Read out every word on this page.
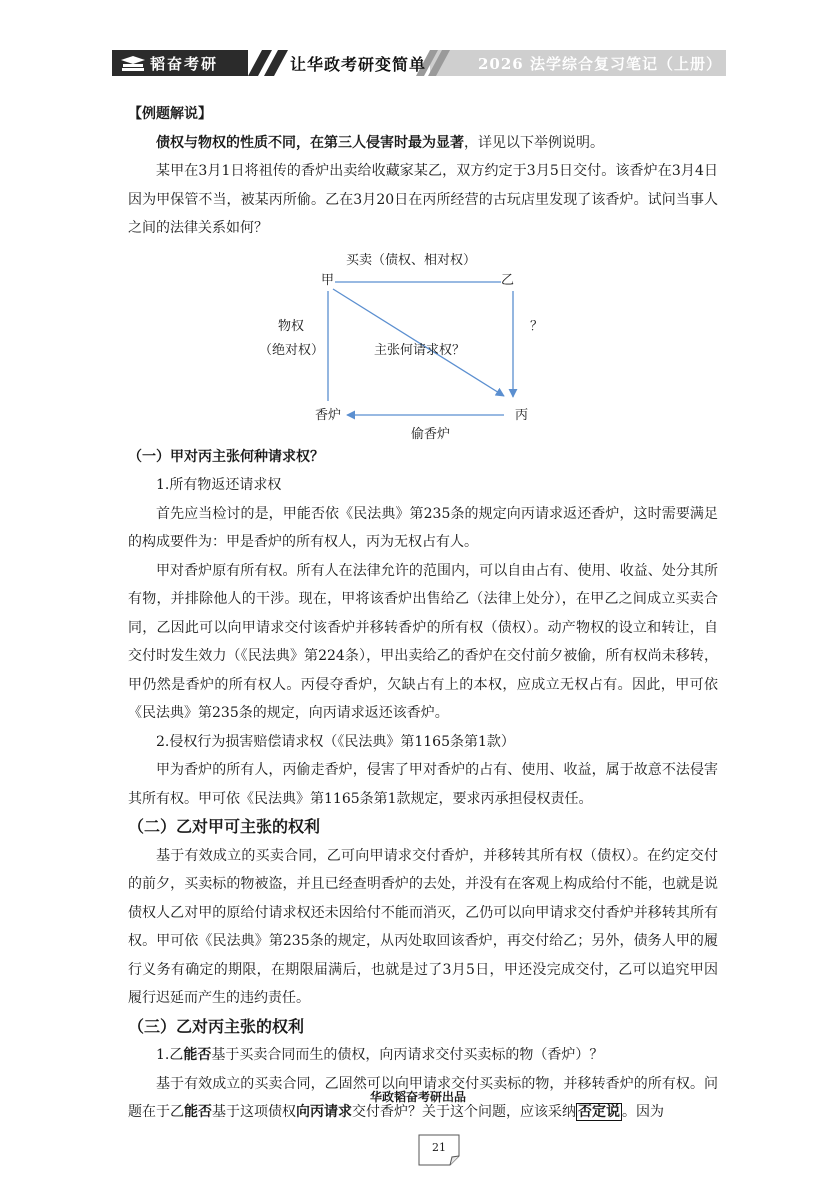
韬奋考研	让华政考研变简单	2026 法学综合复习笔记（上册）

【例题解说】

债权与物权的性质不同，在第三人侵害时最为显著，详见以下举例说明。

某甲在3月1日将祖传的香炉出卖给收藏家某乙，双方约定于3月5日交付。该香炉在3月4日因为甲保管不当，被某丙所偷。乙在3月20日在丙所经营的古玩店里发现了该香炉。试问当事人之间的法律关系如何？

买卖（债权、相对权）
甲	乙
物权
（绝对权）	主张何请求权？
？
香炉	丙
偷香炉

（一）甲对丙主张何种请求权？

1.所有物返还请求权

首先应当检讨的是，甲能否依《民法典》第235条的规定向丙请求返还香炉，这时需要满足的构成要件为：甲是香炉的所有权人，丙为无权占有人。

甲对香炉原有所有权。所有人在法律允许的范围内，可以自由占有、使用、收益、处分其所有物，并排除他人的干涉。现在，甲将该香炉出售给乙（法律上处分），在甲乙之间成立买卖合同，乙因此可以向甲请求交付该香炉并移转香炉的所有权（债权）。动产物权的设立和转让，自交付时发生效力（《民法典》第224条），甲出卖给乙的香炉在交付前夕被偷，所有权尚未移转，甲仍然是香炉的所有权人。丙侵夺香炉，欠缺占有上的本权，应成立无权占有。因此，甲可依《民法典》第235条的规定，向丙请求返还该香炉。

2.侵权行为损害赔偿请求权（《民法典》第1165条第1款）

甲为香炉的所有人，丙偷走香炉，侵害了甲对香炉的占有、使用、收益，属于故意不法侵害其所有权。甲可依《民法典》第1165条第1款规定，要求丙承担侵权责任。

（二）乙对甲可主张的权利

基于有效成立的买卖合同，乙可向甲请求交付香炉，并移转其所有权（债权）。在约定交付的前夕，买卖标的物被盗，并且已经查明香炉的去处，并没有在客观上构成给付不能，也就是说债权人乙对甲的原给付请求权还未因给付不能而消灭，乙仍可以向甲请求交付香炉并移转其所有权。甲可依《民法典》第235条的规定，从丙处取回该香炉，再交付给乙；另外，债务人甲的履行义务有确定的期限，在期限届满后，也就是过了3月5日，甲还没完成交付，乙可以追究甲因履行迟延而产生的违约责任。

（三）乙对丙主张的权利

1.乙能否基于买卖合同而生的债权，向丙请求交付买卖标的物（香炉）？

基于有效成立的买卖合同，乙固然可以向甲请求交付买卖标的物，并移转香炉的所有权。问题在于乙能否基于这项债权向丙请求交付香炉？关于这个问题，应该采纳 否定说 。因为

华政韬奋考研出品
21
